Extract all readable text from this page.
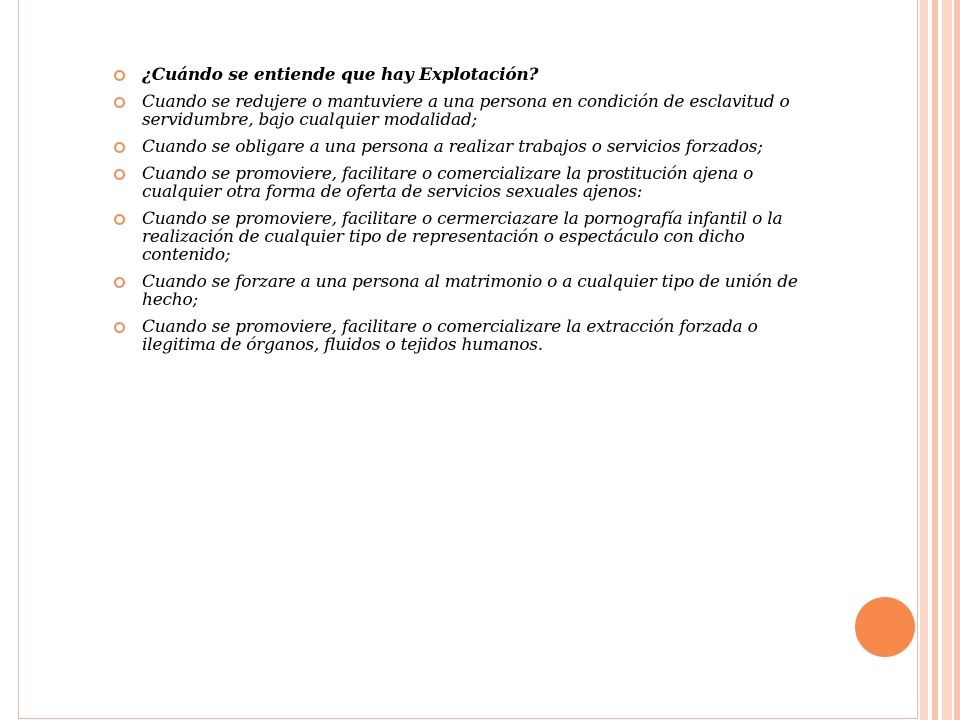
¿Cuándo se entiende que hay Explotación?
Cuando se redujere o mantuviere a una persona en condición de esclavitud o servidumbre, bajo cualquier modalidad;
Cuando se obligare a una persona a realizar trabajos o servicios forzados;
Cuando se promoviere, facilitare o comercializare la prostitución ajena o cualquier otra forma de oferta de servicios sexuales ajenos:
Cuando se promoviere, facilitare o cermerciazare la pornografía infantil o la realización de cualquier tipo de representación o espectáculo con dicho contenido;
Cuando se forzare a una persona al matrimonio o a cualquier tipo de unión de hecho;
Cuando se promoviere, facilitare o comercializare la extracción forzada o ilegitima de órganos, fluidos o tejidos humanos.
